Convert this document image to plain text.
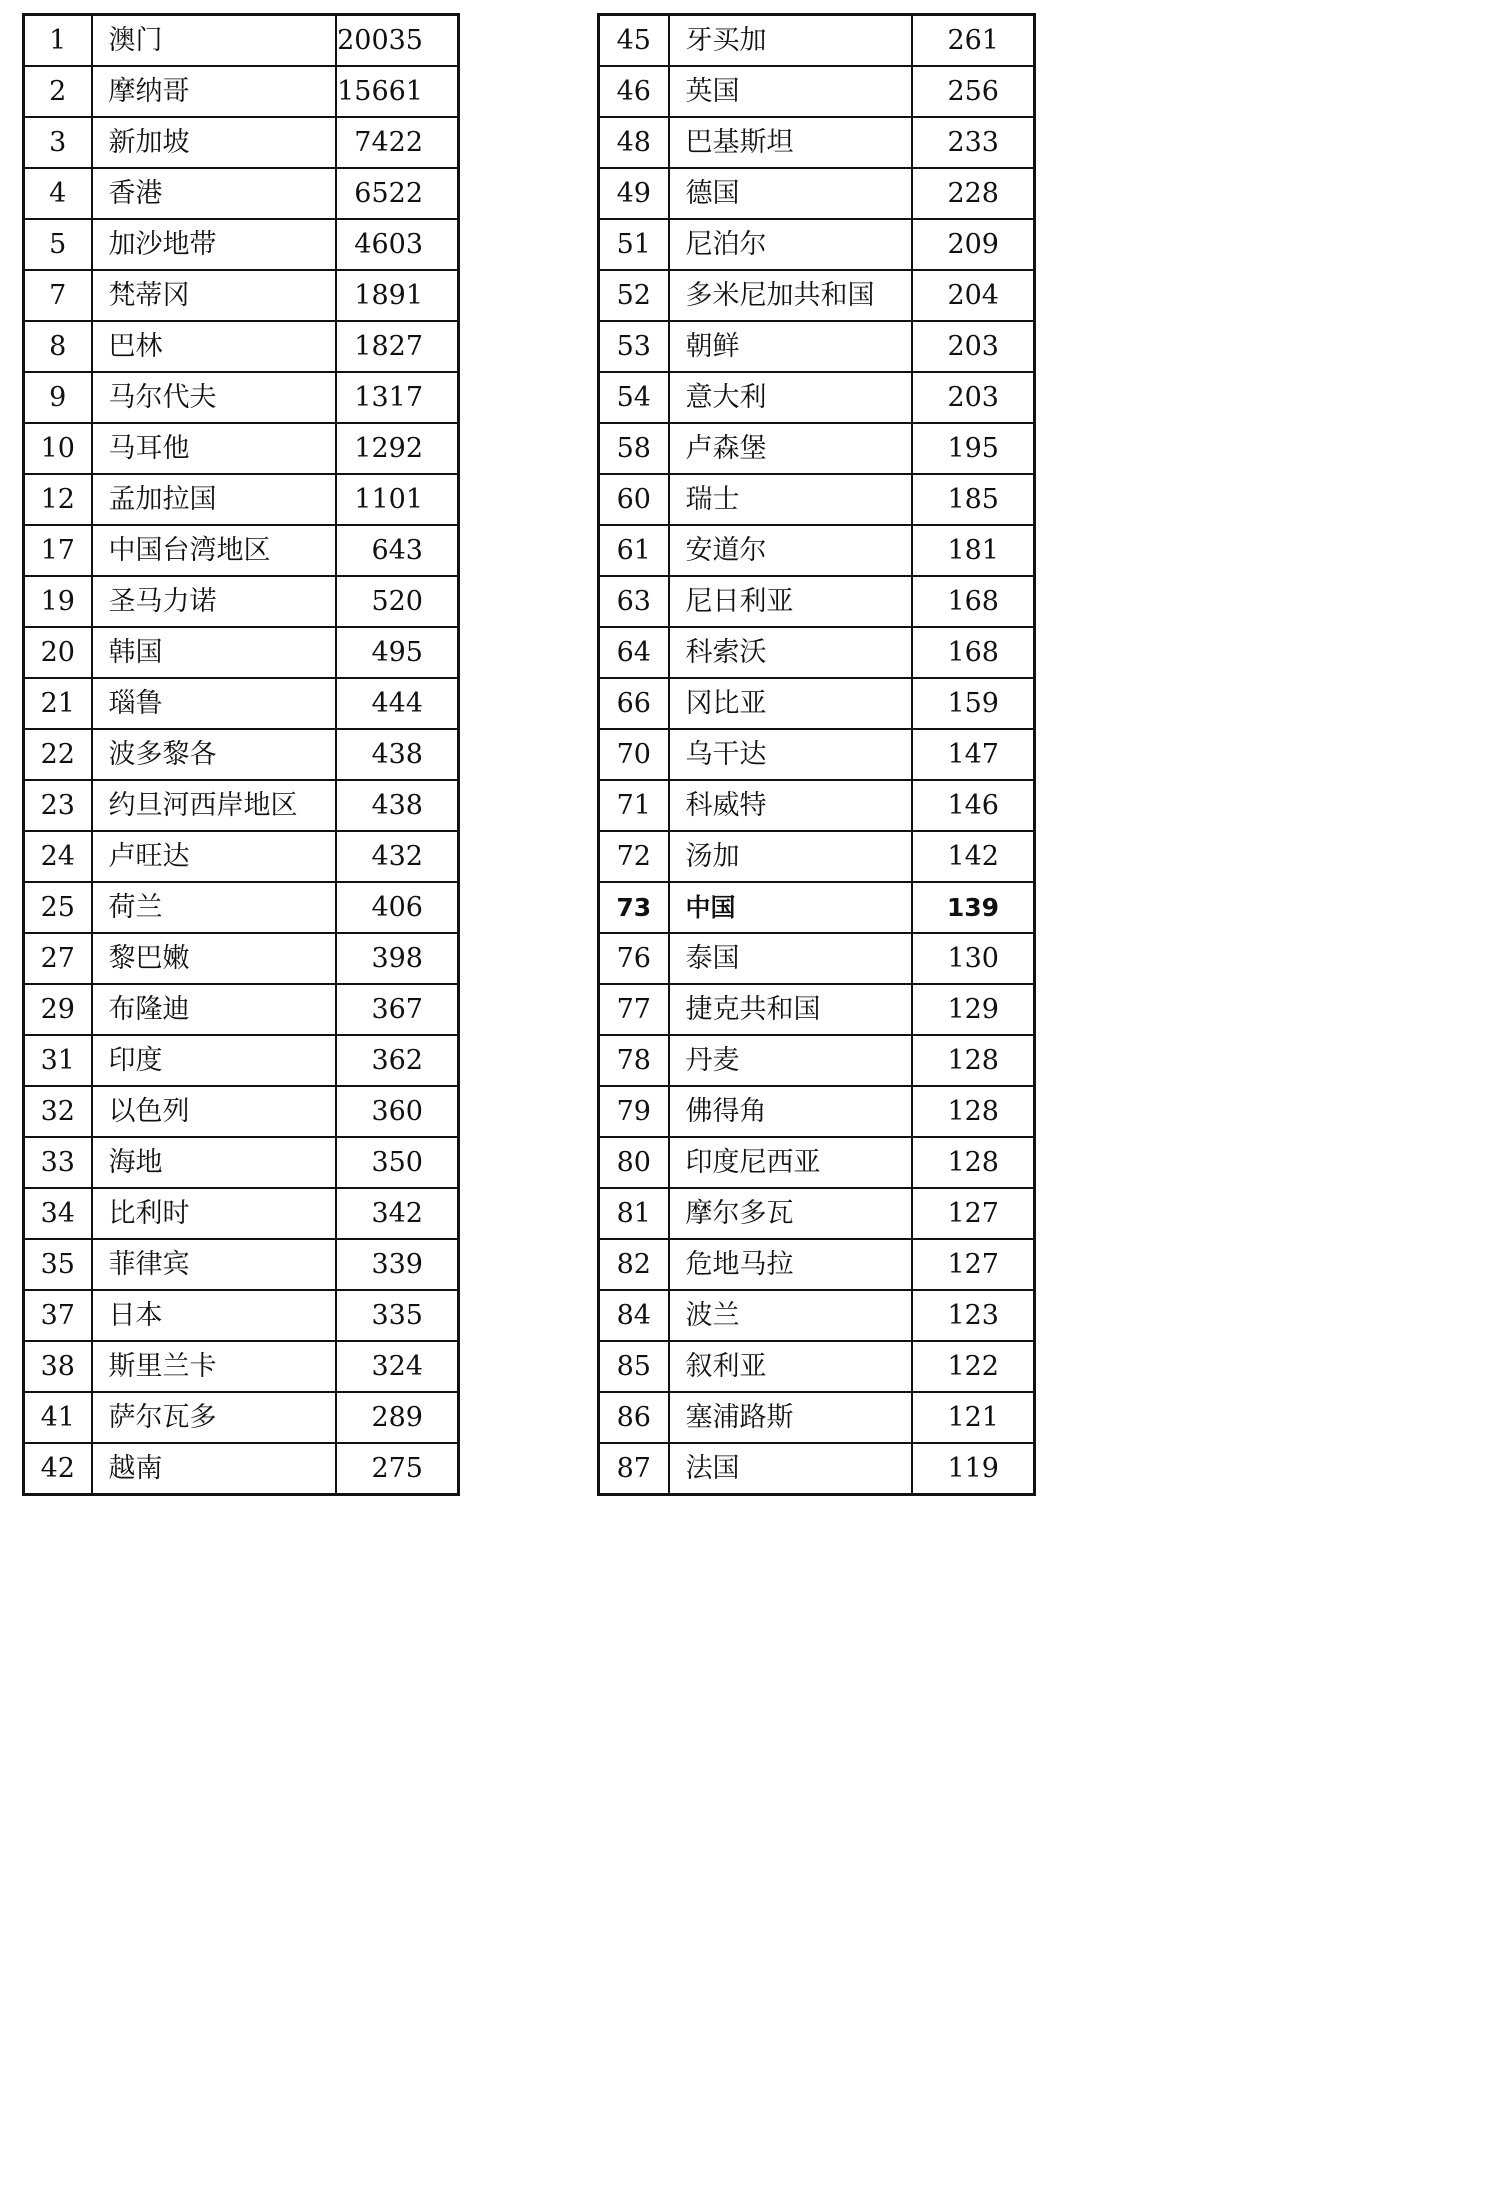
1	澳门	20035
2	摩纳哥	15661
3	新加坡	7422
4	香港	6522
5	加沙地带	4603
7	梵蒂冈	1891
8	巴林	1827
9	马尔代夫	1317
10	马耳他	1292
12	孟加拉国	1101
17	中国台湾地区	643
19	圣马力诺	520
20	韩国	495
21	瑙鲁	444
22	波多黎各	438
23	约旦河西岸地区	438
24	卢旺达	432
25	荷兰	406
27	黎巴嫩	398
29	布隆迪	367
31	印度	362
32	以色列	360
33	海地	350
34	比利时	342
35	菲律宾	339
37	日本	335
38	斯里兰卡	324
41	萨尔瓦多	289
42	越南	275
45	牙买加	261
46	英国	256
48	巴基斯坦	233
49	德国	228
51	尼泊尔	209
52	多米尼加共和国	204
53	朝鲜	203
54	意大利	203
58	卢森堡	195
60	瑞士	185
61	安道尔	181
63	尼日利亚	168
64	科索沃	168
66	冈比亚	159
70	乌干达	147
71	科威特	146
72	汤加	142
73	中国	139
76	泰国	130
77	捷克共和国	129
78	丹麦	128
79	佛得角	128
80	印度尼西亚	128
81	摩尔多瓦	127
82	危地马拉	127
84	波兰	123
85	叙利亚	122
86	塞浦路斯	121
87	法国	119
